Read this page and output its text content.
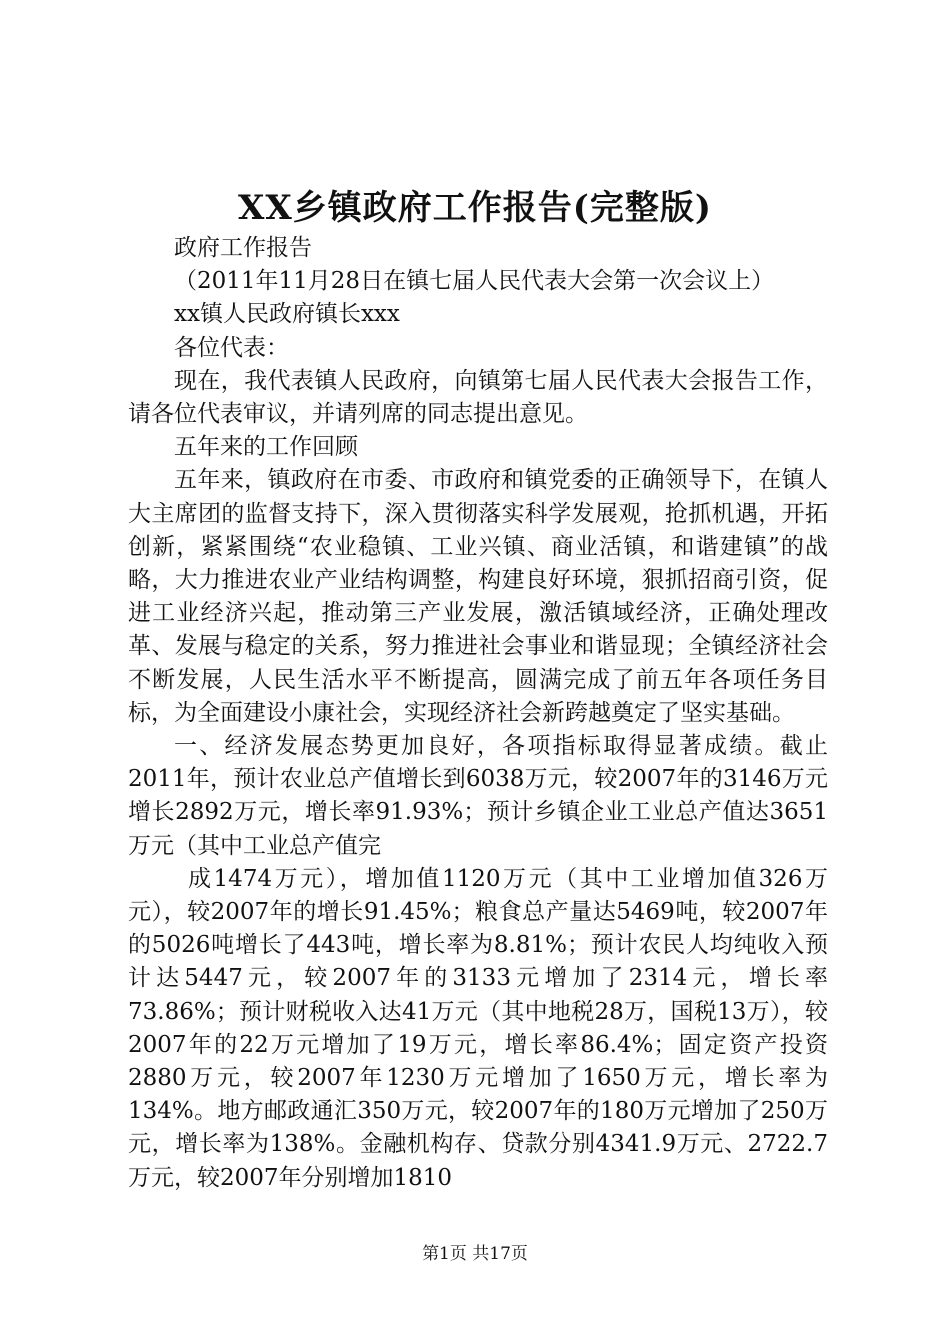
XX乡镇政府工作报告(完整版)

政府工作报告

（2011年11月28日在镇七届人民代表大会第一次会议上）

xx镇人民政府镇长xxx

各位代表：

现在，我代表镇人民政府，向镇第七届人民代表大会报告工作，请各位代表审议，并请列席的同志提出意见。

五年来的工作回顾

五年来，镇政府在市委、市政府和镇党委的正确领导下，在镇人大主席团的监督支持下，深入贯彻落实科学发展观，抢抓机遇，开拓创新，紧紧围绕“农业稳镇、工业兴镇、商业活镇，和谐建镇”的战略，大力推进农业产业结构调整，构建良好环境，狠抓招商引资，促进工业经济兴起，推动第三产业发展，激活镇域经济，正确处理改革、发展与稳定的关系，努力推进社会事业和谐显现；全镇经济社会不断发展，人民生活水平不断提高，圆满完成了前五年各项任务目标，为全面建设小康社会，实现经济社会新跨越奠定了坚实基础。

一、经济发展态势更加良好，各项指标取得显著成绩。截止2011年，预计农业总产值增长到6038万元，较2007年的3146万元增长2892万元，增长率91.93%；预计乡镇企业工业总产值达3651万元（其中工业总产值完

成1474万元），增加值1120万元（其中工业增加值326万元），较2007年的增长91.45%；粮食总产量达5469吨，较2007年的5026吨增长了443吨，增长率为8.81%；预计农民人均纯收入预计达5447元，较2007年的3133元增加了2314元，增长率73.86%；预计财税收入达41万元（其中地税28万，国税13万），较2007年的22万元增加了19万元，增长率86.4%；固定资产投资2880万元，较2007年1230万元增加了1650万元，增长率为134%。地方邮政通汇350万元，较2007年的180万元增加了250万元，增长率为138%。金融机构存、贷款分别4341.9万元、2722.7万元，较2007年分别增加1810

第1页 共17页
